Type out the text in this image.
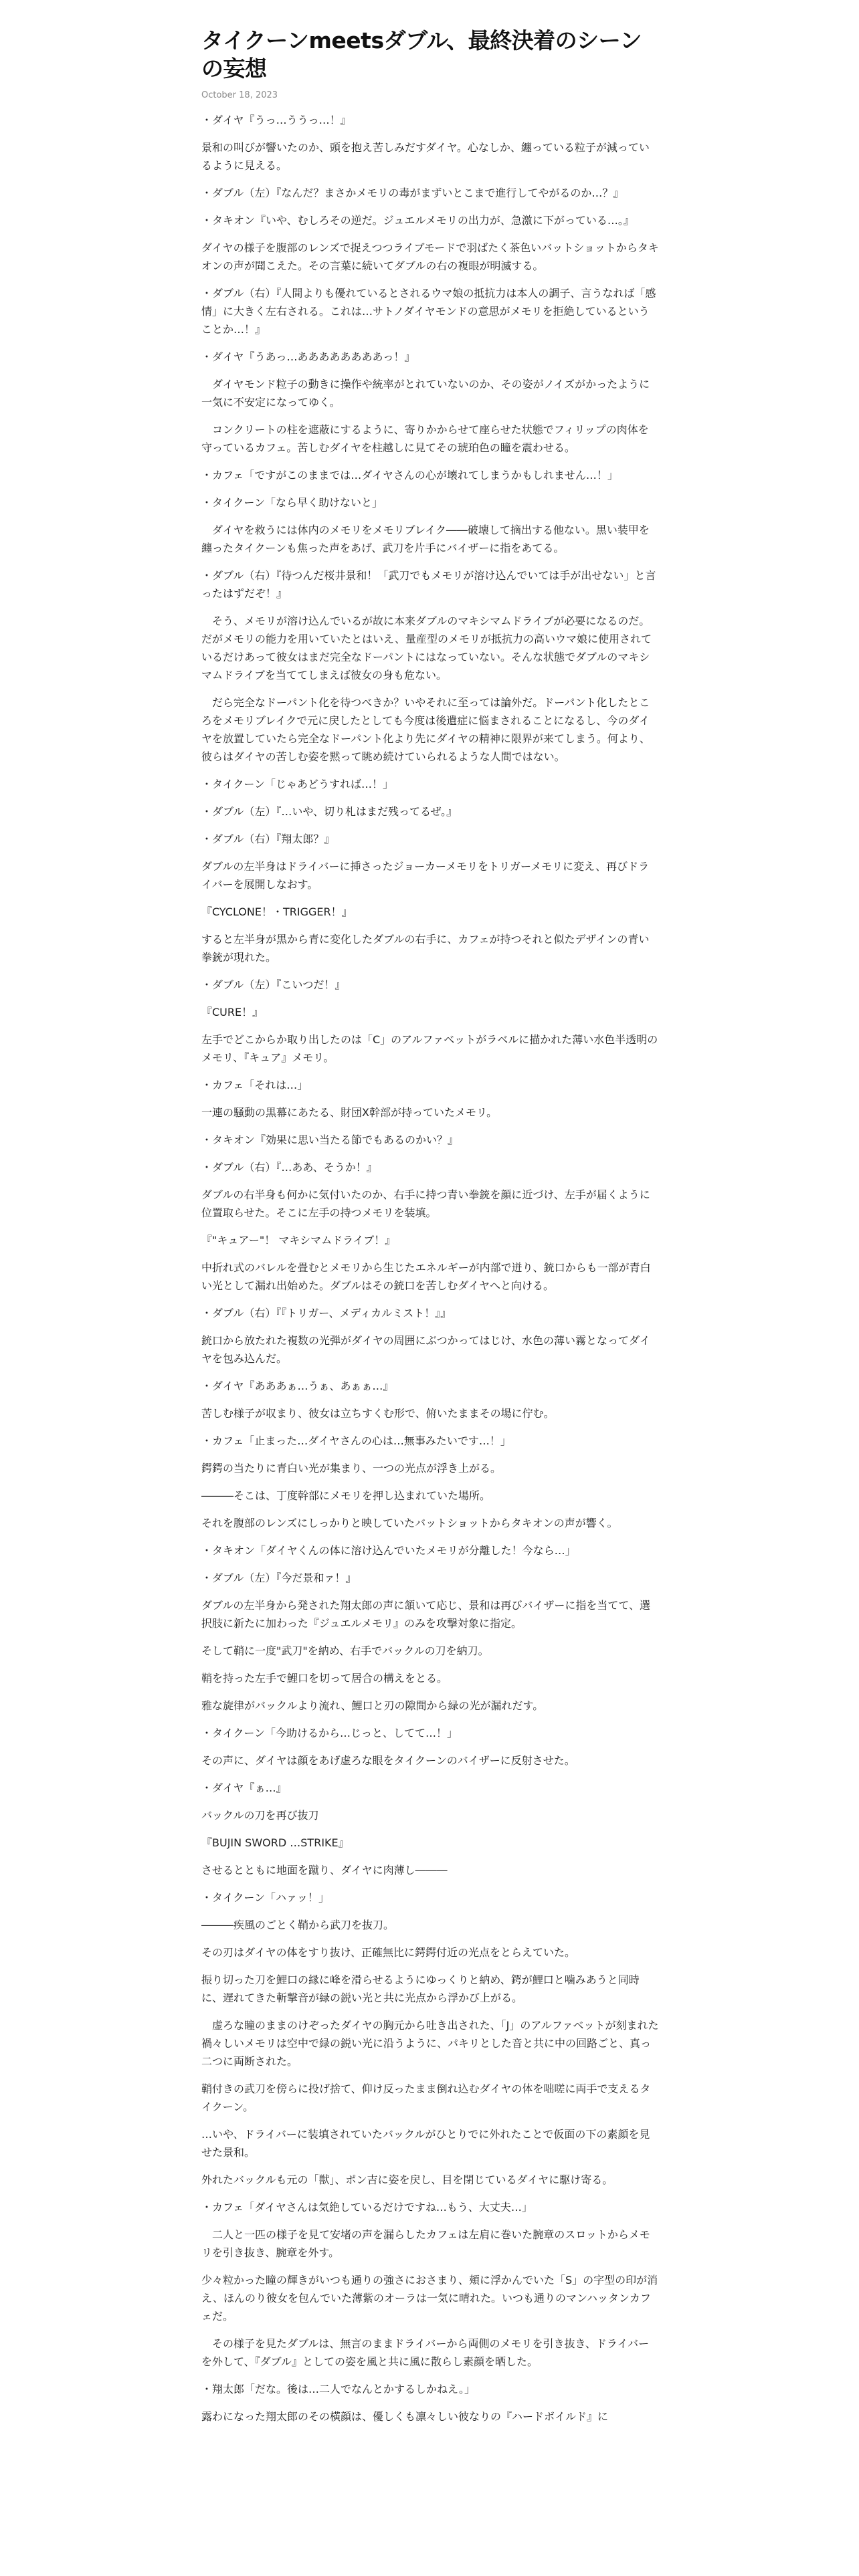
タイクーンmeetsダブル、最終決着のシーンの妄想
October 18, 2023

・ダイヤ『うっ…ううっ…！』

景和の叫びが響いたのか、頭を抱え苦しみだすダイヤ。心なしか、纏っている粒子が減っているように見える。

・ダブル（左）『なんだ？まさかメモリの毒がまずいとこまで進行してやがるのか…？』

・タキオン『いや、むしろその逆だ。ジュエルメモリの出力が、急激に下がっている…。』

ダイヤの様子を腹部のレンズで捉えつつライブモードで羽ばたく茶色いバットショットからタキオンの声が聞こえた。その言葉に続いてダブルの右の複眼が明滅する。

・ダブル（右）『人間よりも優れているとされるウマ娘の抵抗力は本人の調子、言うなれば「感情」に大きく左右される。これは…サトノダイヤモンドの意思がメモリを拒絶しているということか…！』

・ダイヤ『うあっ…ああああああああっ！』

　ダイヤモンド粒子の動きに操作や統率がとれていないのか、その姿がノイズがかったように一気に不安定になってゆく。

　コンクリートの柱を遮蔽にするように、寄りかからせて座らせた状態でフィリップの肉体を守っているカフェ。苦しむダイヤを柱越しに見てその琥珀色の瞳を震わせる。

・カフェ「ですがこのままでは…ダイヤさんの心が壊れてしまうかもしれません…！」

・タイクーン「なら早く助けないと」

　ダイヤを救うには体内のメモリをメモリブレイク――破壊して摘出する他ない。黒い装甲を纏ったタイクーンも焦った声をあげ、武刀を片手にバイザーに指をあてる。

・ダブル（右）『待つんだ桜井景和！「武刀でもメモリが溶け込んでいては手が出せない」と言ったはずだぞ！』

　そう、メモリが溶け込んでいるが故に本来ダブルのマキシマムドライブが必要になるのだ。だがメモリの能力を用いていたとはいえ、量産型のメモリが抵抗力の高いウマ娘に使用されているだけあって彼女はまだ完全なドーパントにはなっていない。そんな状態でダブルのマキシマムドライブを当ててしまえば彼女の身も危ない。

　だら完全なドーパント化を待つべきか？いやそれに至っては論外だ。ドーパント化したところをメモリブレイクで元に戻したとしても今度は後遺症に悩まされることになるし、今のダイヤを放置していたら完全なドーパント化より先にダイヤの精神に限界が来てしまう。何より、彼らはダイヤの苦しむ姿を黙って眺め続けていられるような人間ではない。

・タイクーン「じゃあどうすれば…！」

・ダブル（左）『…いや、切り札はまだ残ってるぜ。』

・ダブル（右）『翔太郎？』

ダブルの左半身はドライバーに挿さったジョーカーメモリをトリガーメモリに変え、再びドライバーを展開しなおす。

『CYCLONE！・TRIGGER！』

すると左半身が黒から青に変化したダブルの右手に、カフェが持つそれと似たデザインの青い拳銃が現れた。

・ダブル（左）『こいつだ！』

『CURE！』

左手でどこからか取り出したのは「C」のアルファベットがラベルに描かれた薄い水色半透明のメモリ、『キュア』メモリ。

・カフェ「それは…」

一連の騒動の黒幕にあたる、財団X幹部が持っていたメモリ。

・タキオン『効果に思い当たる節でもあるのかい？』

・ダブル（右）『…ああ、そうか！』

ダブルの右半身も何かに気付いたのか、右手に持つ青い拳銃を顔に近づけ、左手が届くように位置取らせた。そこに左手の持つメモリを装填。

『"キュアー"！ マキシマムドライブ！』

中折れ式のバレルを畳むとメモリから生じたエネルギーが内部で迸り、銃口からも一部が青白い光として漏れ出始めた。ダブルはその銃口を苦しむダイヤへと向ける。

・ダブル（右）『『トリガー、メディカルミスト！』』

銃口から放たれた複数の光弾がダイヤの周囲にぶつかってはじけ、水色の薄い霧となってダイヤを包み込んだ。

・ダイヤ『あああぁ…うぁ、あぁぁ…』

苦しむ様子が収まり、彼女は立ちすくむ形で、俯いたままその場に佇む。

・カフェ「止まった…ダイヤさんの心は…無事みたいです…！」

鍔鍔の当たりに青白い光が集まり、一つの光点が浮き上がる。

―――そこは、丁度幹部にメモリを押し込まれていた場所。

それを腹部のレンズにしっかりと映していたバットショットからタキオンの声が響く。

・タキオン「ダイヤくんの体に溶け込んでいたメモリが分離した！今なら…」

・ダブル（左）『今だ景和ァ！』

ダブルの左半身から発された翔太郎の声に頷いて応じ、景和は再びバイザーに指を当てて、選択肢に新たに加わった『ジュエルメモリ』のみを攻撃対象に指定。

そして鞘に一度"武刀"を納め、右手でバックルの刀を納刀。

鞘を持った左手で鯉口を切って居合の構えをとる。

雅な旋律がバックルより流れ、鯉口と刃の隙間から緑の光が漏れだす。

・タイクーン「今助けるから…じっと、してて…！」

その声に、ダイヤは顔をあげ虚ろな眼をタイクーンのバイザーに反射させた。

・ダイヤ『ぁ…』

バックルの刀を再び抜刀

『BUJIN SWORD …STRIKE』

させるとともに地面を蹴り、ダイヤに肉薄し―――

・タイクーン「ハァッ！」

―――疾風のごとく鞘から武刀を抜刀。

その刃はダイヤの体をすり抜け、正確無比に鍔鍔付近の光点をとらえていた。

振り切った刀を鯉口の縁に峰を滑らせるようにゆっくりと納め、鍔が鯉口と噛みあうと同時に、遅れてきた斬撃音が緑の鋭い光と共に光点から浮かび上がる。

　虚ろな瞳のままのけぞったダイヤの胸元から吐き出された、「J」のアルファベットが刻まれた禍々しいメモリは空中で緑の鋭い光に沿うように、パキリとした音と共に中の回路ごと、真っ二つに両断された。

鞘付きの武刀を傍らに投げ捨て、仰け反ったまま倒れ込むダイヤの体を咄嗟に両手で支えるタイクーン。

…いや、ドライバーに装填されていたバックルがひとりでに外れたことで仮面の下の素顔を見せた景和。

外れたバックルも元の「獣」、ポン吉に姿を戻し、目を閉じているダイヤに駆け寄る。

・カフェ「ダイヤさんは気絶しているだけですね…もう、大丈夫…」

　二人と一匹の様子を見て安堵の声を漏らしたカフェは左肩に巻いた腕章のスロットからメモリを引き抜き、腕章を外す。

少々粒かった瞳の輝きがいつも通りの強さにおさまり、頬に浮かんでいた「S」の字型の印が消え、ほんのり彼女を包んでいた薄紫のオーラは一気に晴れた。いつも通りのマンハッタンカフェだ。

　その様子を見たダブルは、無言のままドライバーから両側のメモリを引き抜き、ドライバーを外して、『ダブル』としての姿を風と共に風に散らし素顔を晒した。

・翔太郎「だな。後は…二人でなんとかするしかねえ。」

露わになった翔太郎のその横顔は、優しくも凛々しい彼なりの『ハードボイルド』に
